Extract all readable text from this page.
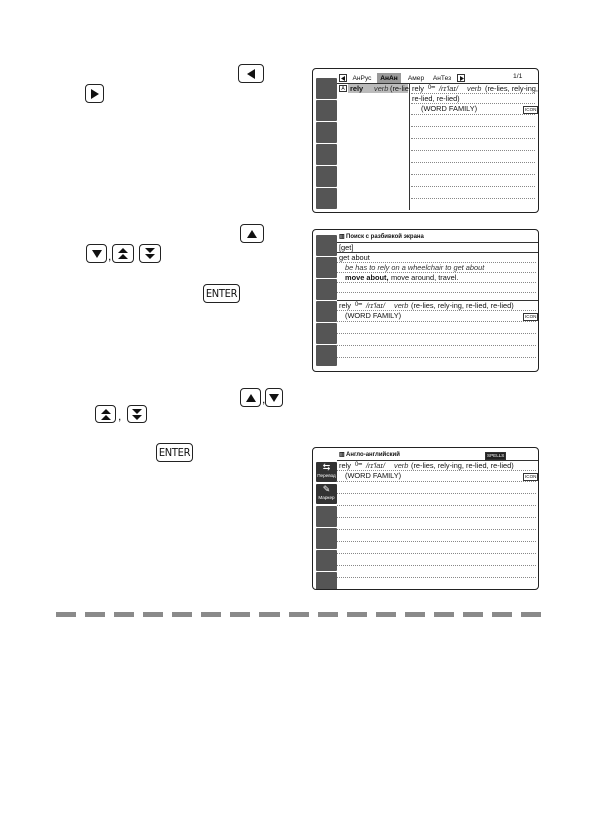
АнРус	АнАн	Амер	АнТез	1/1
A rely verb (re-lie rely 0━ /rɪ'laɪ/ verb (re-lies, rely-ing,
re-lied, re-lied)
(WORD FAMILY)	ICON
,
ENTER
▥ Поиск с разбивкой экрана
[get]
get about
be has to rely on a wheelchair to get about
move about, move around, travel.
rely 0━ /rɪ'laɪ/ verb (re-lies, rely-ing, re-lied, re-lied)
(WORD FAMILY)	ICON
,
,
ENTER
⇆
Перевод
✎
Маркер
▥ Англо-английский	SPELLS
rely 0━ /rɪ'laɪ/ verb (re-lies, rely-ing, re-lied, re-lied)
(WORD FAMILY)	ICON
